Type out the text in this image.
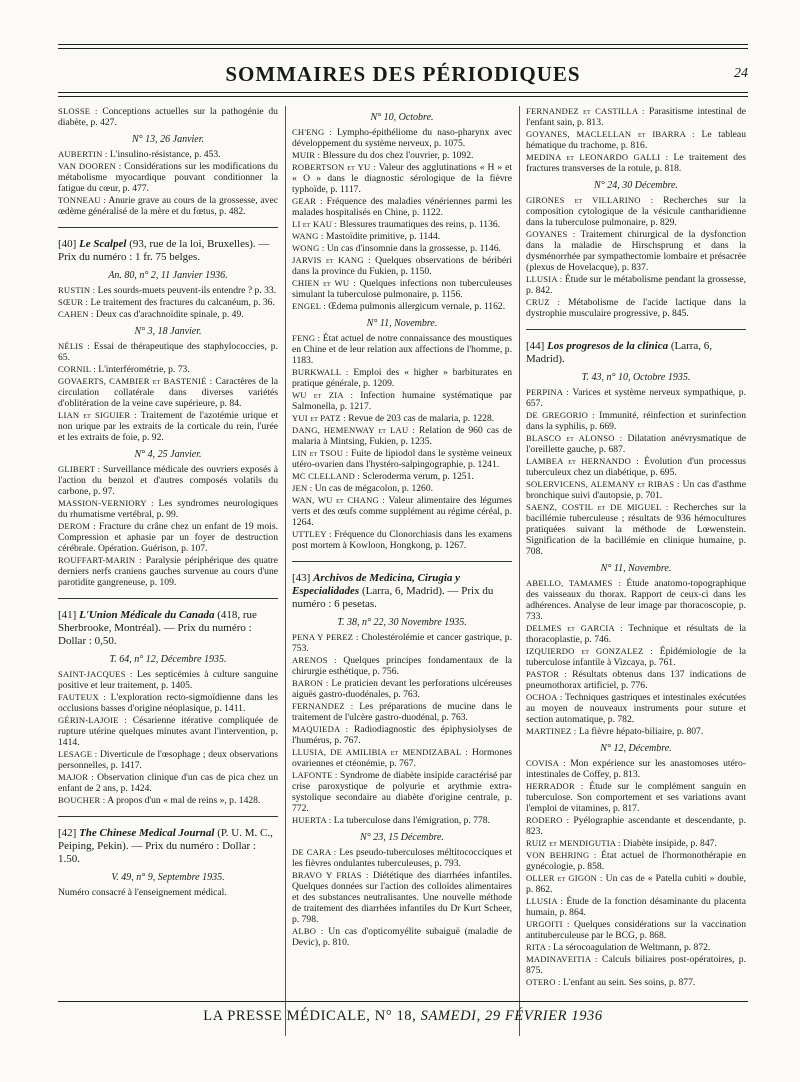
SOMMAIRES DES PÉRIODIQUES	24
SLOSSE : Conceptions actuelles sur la pathogénie du diabète, p. 427.
N° 13, 26 Janvier.
AUBERTIN : L'insulino-résistance, p. 453.
VAN DOOREN : Considérations sur les modifications du métabolisme myocardique pouvant conditionner la fatigue du cœur, p. 477.
TONNEAU : Anurie grave au cours de la grossesse, avec œdème généralisé de la mère et du fœtus, p. 482.
[40] Le Scalpel (93, rue de la loi, Bruxelles). — Prix du numéro : 1 fr. 75 belges.
An. 80, n° 2, 11 Janvier 1936.
RUSTIN : Les sourds-muets peuvent-ils entendre ? p. 33.
SŒUR : Le traitement des fractures du calcanéum, p. 36.
CAHEN : Deux cas d'arachnoïdite spinale, p. 49.
N° 3, 18 Janvier.
NÉLIS : Essai de thérapeutique des staphylococcies, p. 65.
CORNIL : L'interférométrie, p. 73.
GOVAERTS, CAMBIER et BASTENIÉ : Caractères de la circulation collatérale dans diverses variétés d'oblitération de la veine cave supérieure, p. 84.
LIAN et SIGUIER : Traitement de l'azotémie urique et non urique par les extraits de la corticale du rein, l'urée et les extraits de foie, p. 92.
N° 4, 25 Janvier.
GLIBERT : Surveillance médicale des ouvriers exposés à l'action du benzol et d'autres composés volatils du carbone, p. 97.
MASSION-VERNIORY : Les syndromes neurologiques du rhumatisme vertébral, p. 99.
DEROM : Fracture du crâne chez un enfant de 19 mois. Compression et aphasie par un foyer de destruction cérébrale. Opération. Guérison, p. 107.
ROUFFART-MARIN : Paralysie périphérique des quatre derniers nerfs craniens gauches survenue au cours d'une parotidite gangreneuse, p. 109.
[41] L'Union Médicale du Canada (418, rue Sherbrooke, Montréal). — Prix du numéro : Dollar : 0,50.
T. 64, n° 12, Décembre 1935.
SAINT-JACQUES : Les septicémies à culture sanguine positive et leur traitement, p. 1405.
FAUTEUX : L'exploration recto-sigmoïdienne dans les occlusions basses d'origine néoplasique, p. 1411.
GÉRIN-LAJOIE : Césarienne itérative compliquée de rupture utérine quelques minutes avant l'intervention, p. 1414.
LESAGE : Diverticule de l'œsophage ; deux observations personnelles, p. 1417.
MAJOR : Observation clinique d'un cas de pica chez un enfant de 2 ans, p. 1424.
BOUCHER : A propos d'un « mal de reins », p. 1428.
[42] The Chinese Medical Journal (P. U. M. C., Peiping, Pekin). — Prix du numéro : Dollar : 1.50.
V. 49, n° 9, Septembre 1935.
Numéro consacré à l'enseignement médical.
N° 10, Octobre.
CH'ENG : Lympho-épithéliome du naso-pharynx avec développement du système nerveux, p. 1075.
MUIR : Blessure du dos chez l'ouvrier, p. 1092.
ROBERTSON et YU : Valeur des agglutinations « H » et « O » dans le diagnostic sérologique de la fièvre typhoïde, p. 1117.
GEAR : Fréquence des maladies vénériennes parmi les malades hospitalisés en Chine, p. 1122.
LI et KAU : Blessures traumatiques des reins, p. 1136.
WANG : Mastoïdite primitive, p. 1144.
WONG : Un cas d'insomnie dans la grossesse, p. 1146.
JARVIS et KANG : Quelques observations de béribéri dans la province du Fukien, p. 1150.
CHIEN et WU : Quelques infections non tuberculeuses simulant la tuberculose pulmonaire, p. 1156.
ENGEL : Œdema pulmonis allergicum vernale, p. 1162.
N° 11, Novembre.
FENG : État actuel de notre connaissance des moustiques en Chine et de leur relation aux affections de l'homme, p. 1183.
BURKWALL : Emploi des « higher » barbiturates en pratique générale, p. 1209.
WU et ZIA : Infection humaine systématique par Salmonella, p. 1217.
YUI et PATZ : Revue de 203 cas de malaria, p. 1228.
DANG, HEMENWAY et LAU : Relation de 960 cas de malaria à Mintsing, Fukien, p. 1235.
LIN et TSOU : Fuite de lipiodol dans le système veineux utéro-ovarien dans l'hystéro-salpingographie, p. 1241.
MC CLELLAND : Scleroderma verum, p. 1251.
JEN : Un cas de mégacolon, p. 1260.
WAN, WU et CHANG : Valeur alimentaire des légumes verts et des œufs comme supplément au régime céréal, p. 1264.
UTTLEY : Fréquence du Clonorchiasis dans les examens post mortem à Kowloon, Hongkong, p. 1267.
[43] Archivos de Medicina, Cirugia y Especialidades (Larra, 6, Madrid). — Prix du numéro : 6 pesetas.
T. 38, n° 22, 30 Novembre 1935.
PENA Y PEREZ : Cholestérolémie et cancer gastrique, p. 753.
ARENOS : Quelques principes fondamentaux de la chirurgie esthétique, p. 756.
BARON : Le praticien devant les perforations ulcéreuses aiguës gastro-duodénales, p. 763.
FERNANDEZ : Les préparations de mucine dans le traitement de l'ulcère gastro-duodénal, p. 763.
MAQUIEDA : Radiodiagnostic des épiphysiolyses de l'humérus, p. 767.
LLUSIA, DE AMILIBIA et MENDIZABAL : Hormones ovariennes et ctéonémie, p. 767.
LAFONTE : Syndrome de diabète insipide caractérisé par crise paroxystique de polyurie et arythmie extra-systolique secondaire au diabète d'origine centrale, p. 772.
HUERTA : La tuberculose dans l'émigration, p. 778.
N° 23, 15 Décembre.
DE CARA : Les pseudo-tuberculoses méltitococciques et les fièvres ondulantes tuberculeuses, p. 793.
BRAVO Y FRIAS : Diététique des diarrhées infantiles. Quelques données sur l'action des colloïdes alimentaires et des substances neutralisantes. Une nouvelle méthode de traitement des diarrhées infantiles du Dr Kurt Scheer, p. 798.
ALBO : Un cas d'opticomyélite subaiguë (maladie de Devic), p. 810.
FERNANDEZ et CASTILLA : Parasitisme intestinal de l'enfant sain, p. 813.
GOYANES, MACLELLAN et IBARRA : Le tableau hématique du trachome, p. 816.
MEDINA et LEONARDO GALLI : Le traitement des fractures transverses de la rotule, p. 818.
N° 24, 30 Décembre.
GIRONES et VILLARINO : Recherches sur la composition cytologique de la vésicule cantharidienne dans la tuberculose pulmonaire, p. 829.
GOYANES : Traitement chirurgical de la dysfonction dans la maladie de Hirschsprung et dans la dysménorrhée par sympathectomie lombaire et présacrée (plexus de Hovelacque), p. 837.
LLUSIA : Étude sur le métabolisme pendant la grossesse, p. 842.
CRUZ : Métabolisme de l'acide lactique dans la dystrophie musculaire progressive, p. 845.
[44] Los progresos de la clinica (Larra, 6, Madrid).
T. 43, n° 10, Octobre 1935.
PERPINA : Varices et système nerveux sympathique, p. 657.
DE GREGORIO : Immunité, réinfection et surinfection dans la syphilis, p. 669.
BLASCO et ALONSO : Dilatation anévrysmatique de l'oreillette gauche, p. 687.
LAMBEA et HERNANDO : Évolution d'un processus tuberculeux chez un diabétique, p. 695.
SOLERVICENS, ALEMANY et RIBAS : Un cas d'asthme bronchique suivi d'autopsie, p. 701.
SAENZ, COSTIL et DE MIGUEL : Recherches sur la bacillémie tuberculeuse ; résultats de 936 hémocultures pratiquées suivant la méthode de Lœwenstein. Signification de la bacillémie en clinique humaine, p. 708.
N° 11, Novembre.
ABELLO, TAMAMES : Étude anatomo-topographique des vaisseaux du thorax. Rapport de ceux-ci dans les adhérences. Analyse de leur image par thoracoscopie, p. 733.
DELMES et GARCIA : Technique et résultats de la thoracoplastie, p. 746.
IZQUIERDO et GONZALEZ : Épidémiologie de la tuberculose infantile à Vizcaya, p. 761.
PASTOR : Résultats obtenus dans 137 indications de pneumothorax artificiel, p. 776.
OCHOA : Techniques gastriques et intestinales exécutées au moyen de nouveaux instruments pour suture et section automatique, p. 782.
MARTINEZ : La fièvre hépato-biliaire, p. 807.
N° 12, Décembre.
COVISA : Mon expérience sur les anastomoses utéro-intestinales de Coffey, p. 813.
HERRADOR : Étude sur le complément sanguin en tuberculose. Son comportement et ses variations avant l'emploi de vitamines, p. 817.
RODERO : Pyélographie ascendante et descendante, p. 823.
RUIZ et MENDIGUTIA : Diabète insipide, p. 847.
VON BEHRING : État actuel de l'hormonothérapie en gynécologie, p. 858.
OLLER et GIGON : Un cas de « Patella cubiti » double, p. 862.
LLUSIA : Étude de la fonction désaminante du placenta humain, p. 864.
URGOITI : Quelques considérations sur la vaccination antituberculeuse par le BCG, p. 868.
RITA : La sérocoagulation de Weltmann, p. 872.
MADINAVEITIA : Calculs biliaires post-opératoires, p. 875.
OTERO : L'enfant au sein. Ses soins, p. 877.
LA PRESSE MÉDICALE, N° 18, SAMEDI, 29 FÉVRIER 1936
